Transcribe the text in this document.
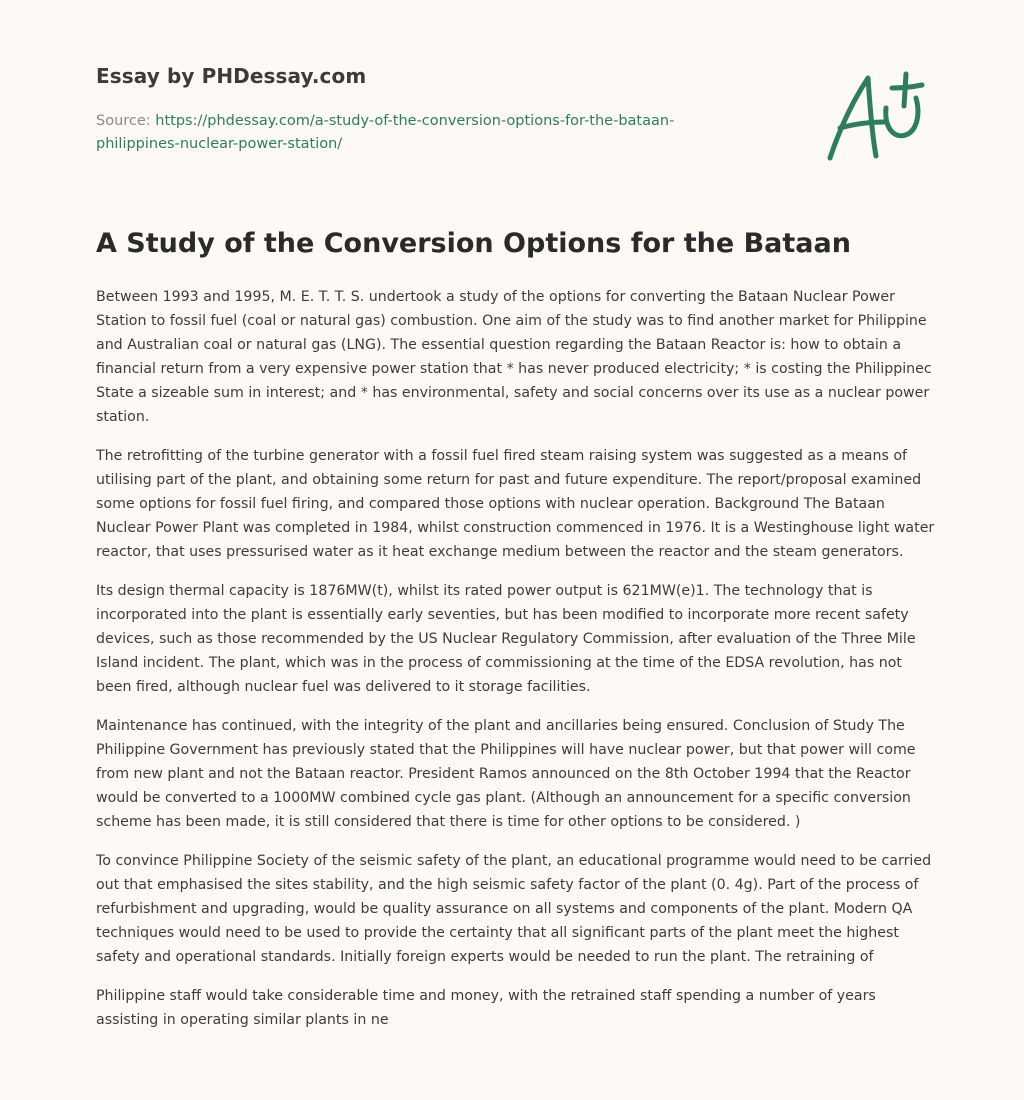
Essay by PHDessay.com
Source: https://phdessay.com/a-study-of-the-conversion-options-for-the-bataan-
philippines-nuclear-power-station/
A Study of the Conversion Options for the Bataan

Between 1993 and 1995, M. E. T. T. S. undertook a study of the options for converting the Bataan Nuclear Power Station to fossil fuel (coal or natural gas) combustion. One aim of the study was to find another market for Philippine and Australian coal or natural gas (LNG). The essential question regarding the Bataan Reactor is: how to obtain a financial return from a very expensive power station that * has never produced electricity; * is costing the Philippinec State a sizeable sum in interest; and * has environmental, safety and social concerns over its use as a nuclear power station.

The retrofitting of the turbine generator with a fossil fuel fired steam raising system was suggested as a means of utilising part of the plant, and obtaining some return for past and future expenditure. The report/proposal examined some options for fossil fuel firing, and compared those options with nuclear operation. Background The Bataan Nuclear Power Plant was completed in 1984, whilst construction commenced in 1976. It is a Westinghouse light water reactor, that uses pressurised water as it heat exchange medium between the reactor and the steam generators.

Its design thermal capacity is 1876MW(t), whilst its rated power output is 621MW(e)1. The technology that is incorporated into the plant is essentially early seventies, but has been modified to incorporate more recent safety devices, such as those recommended by the US Nuclear Regulatory Commission, after evaluation of the Three Mile Island incident. The plant, which was in the process of commissioning at the time of the EDSA revolution, has not been fired, although nuclear fuel was delivered to it storage facilities.

Maintenance has continued, with the integrity of the plant and ancillaries being ensured. Conclusion of Study The Philippine Government has previously stated that the Philippines will have nuclear power, but that power will come from new plant and not the Bataan reactor. President Ramos announced on the 8th October 1994 that the Reactor would be converted to a 1000MW combined cycle gas plant. (Although an announcement for a specific conversion scheme has been made, it is still considered that there is time for other options to be considered. )

To convince Philippine Society of the seismic safety of the plant, an educational programme would need to be carried out that emphasised the sites stability, and the high seismic safety factor of the plant (0. 4g). Part of the process of refurbishment and upgrading, would be quality assurance on all systems and components of the plant. Modern QA techniques would need to be used to provide the certainty that all significant parts of the plant meet the highest safety and operational standards. Initially foreign experts would be needed to run the plant. The retraining of

Philippine staff would take considerable time and money, with the retrained staff spending a number of years assisting in operating similar plants in ne
